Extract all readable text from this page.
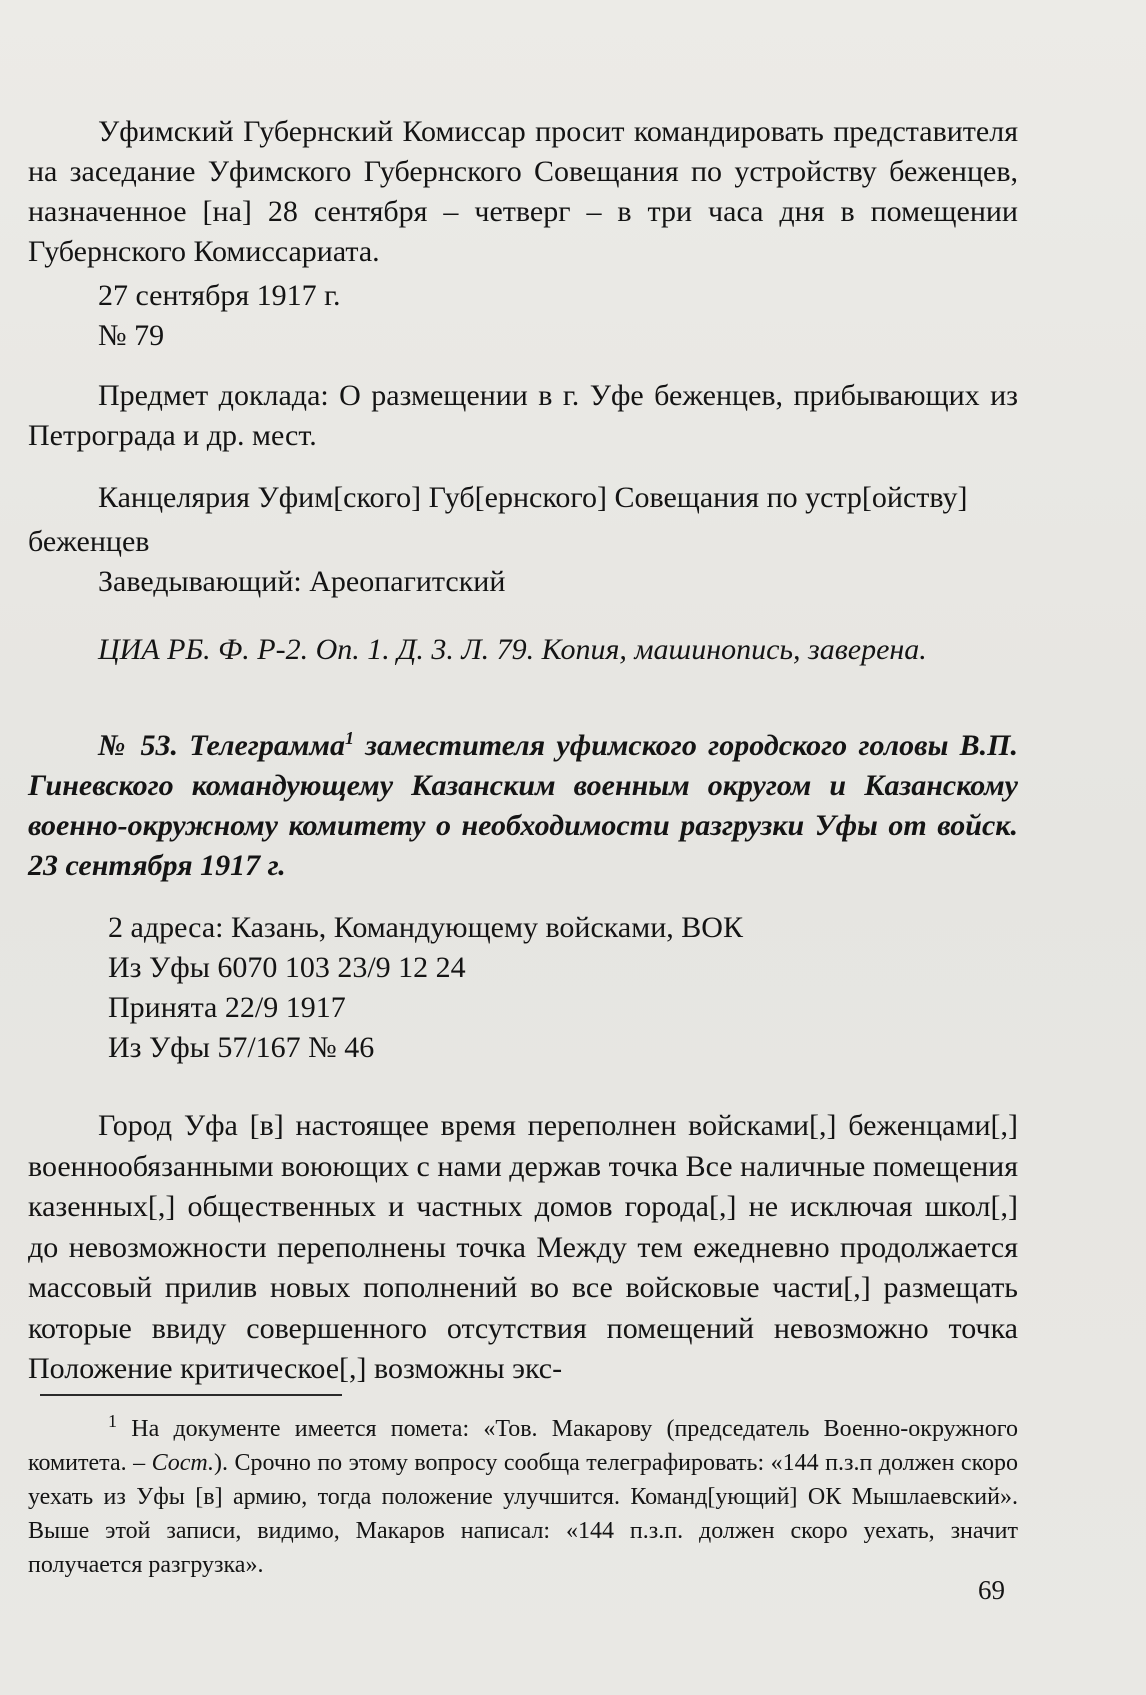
Уфимский Губернский Комиссар просит командировать представителя на заседание Уфимского Губернского Совещания по устройству беженцев, назначенное [на] 28 сентября – четверг – в три часа дня в помещении Губернского Комиссариата.

27 сентября 1917 г.

№ 79

Предмет доклада: О размещении в г. Уфе беженцев, прибывающих из Петрограда и др. мест.

Канцелярия Уфим[ского] Губ[ернского] Совещания по устр[ойству]

беженцев

Заведывающий: Ареопагитский

ЦИА РБ. Ф. Р-2. Оп. 1. Д. 3. Л. 79. Копия, машинопись, заверена.

№ 53. Телеграмма$^1$ заместителя уфимского городского головы В.П. Гиневского командующему Казанским военным округом и Казанскому военно-окружному комитету о необходимости разгрузки Уфы от войск. 23 сентября 1917 г.

2 адреса: Казань, Командующему войсками, ВОК

Из Уфы 6070 103 23/9 12 24

Принята 22/9 1917

Из Уфы 57/167 № 46

Город Уфа [в] настоящее время переполнен войсками[,] беженцами[,] военнообязанными воюющих с нами держав точка Все наличные помещения казенных[,] общественных и частных домов города[,] не исключая школ[,] до невозможности переполнены точка Между тем ежедневно продолжается массовый прилив новых пополнений во все войсковые части[,] размещать которые ввиду совершенного отсутствия помещений невозможно точка Положение критическое[,] возможны экс-

$^1$ На документе имеется помета: «Тов. Макарову (председатель Военно-окружного комитета. – Сост.). Срочно по этому вопросу сообща телеграфировать: «144 п.з.п должен скоро уехать из Уфы [в] армию, тогда положение улучшится. Команд[ующий] ОК Мышлаевский». Выше этой записи, видимо, Макаров написал: «144 п.з.п. должен скоро уехать, значит получается разгрузка».

69
